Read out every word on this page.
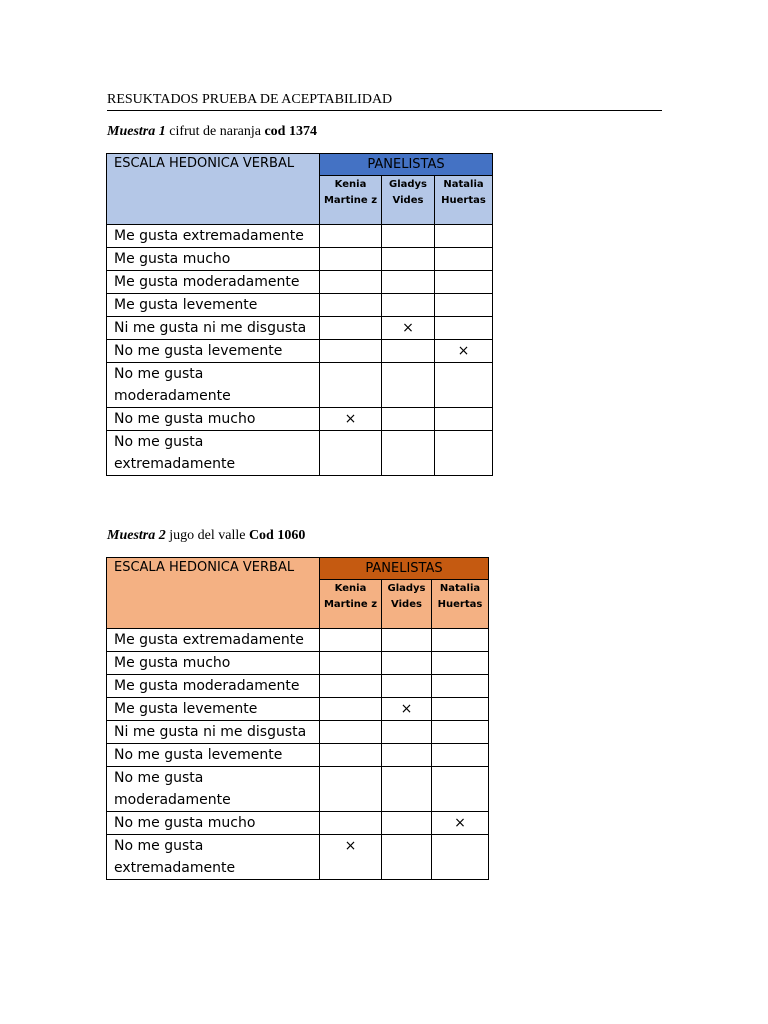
RESUKTADOS PRUEBA DE ACEPTABILIDAD
Muestra 1 cifrut de naranja cod 1374
ESCALA HEDONICA VERBAL	PANELISTAS		
	Kenia Martine z	Gladys Vides	Natalia Huertas
Me gusta extremadamente			
Me gusta mucho			
Me gusta moderadamente			
Me gusta levemente			
Ni me gusta ni me disgusta		×	
No me gusta levemente			×
No me gusta moderadamente			
No me gusta mucho	×		
No me gusta extremadamente			
Muestra 2 jugo del valle Cod 1060
ESCALA HEDONICA VERBAL	PANELISTAS		
	Kenia Martine z	Gladys Vides	Natalia Huertas
Me gusta extremadamente			
Me gusta mucho			
Me gusta moderadamente			
Me gusta levemente		×	
Ni me gusta ni me disgusta			
No me gusta levemente			
No me gusta moderadamente			
No me gusta mucho			×
No me gusta extremadamente	×		
